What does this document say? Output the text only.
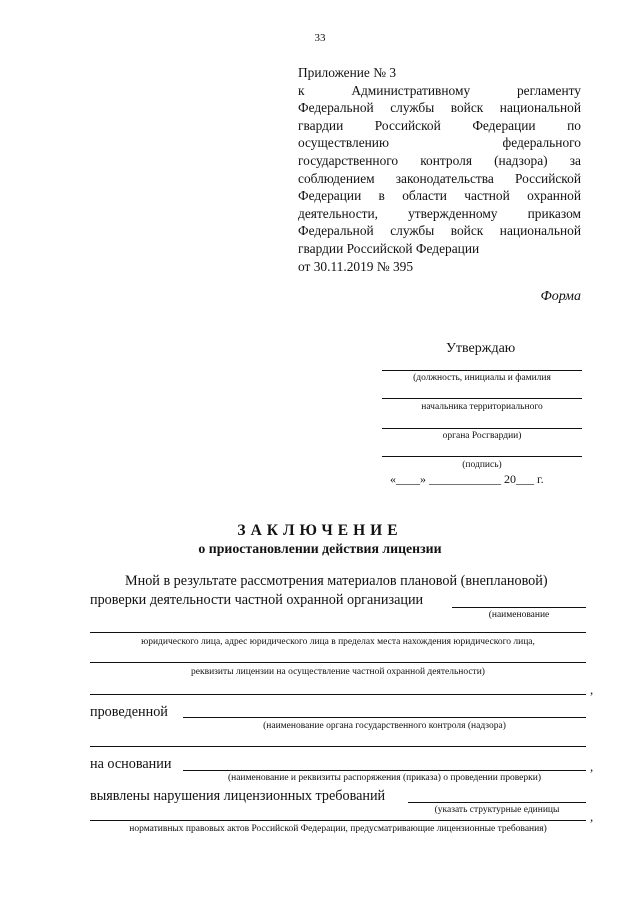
33
Приложение № 3
к Административному регламенту
Федеральной службы войск национальной
гвардии Российской Федерации по
осуществлению федерального
государственного контроля (надзора) за
соблюдением законодательства Российской
Федерации в области частной охранной
деятельности, утвержденному приказом
Федеральной службы войск национальной
гвардии Российской Федерации
от 30.11.2019 № 395
Форма
Утверждаю
(должность, инициалы и фамилия
начальника территориального
органа Росгвардии)
(подпись)
«____» ____________ 20___ г.
ЗАКЛЮЧЕНИЕ
о приостановлении действия лицензии
Мной в результате рассмотрения материалов плановой (внеплановой)
проверки деятельности частной охранной организации
(наименование
юридического лица, адрес юридического лица в пределах места нахождения юридического лица,
реквизиты лицензии на осуществление частной охранной деятельности)
,
проведенной
(наименование органа государственного контроля (надзора)
на основании
(наименование и реквизиты распоряжения (приказа) о проведении проверки)
,
выявлены нарушения лицензионных требований
(указать структурные единицы
нормативных правовых актов Российской Федерации, предусматривающие лицензионные требования)
,
